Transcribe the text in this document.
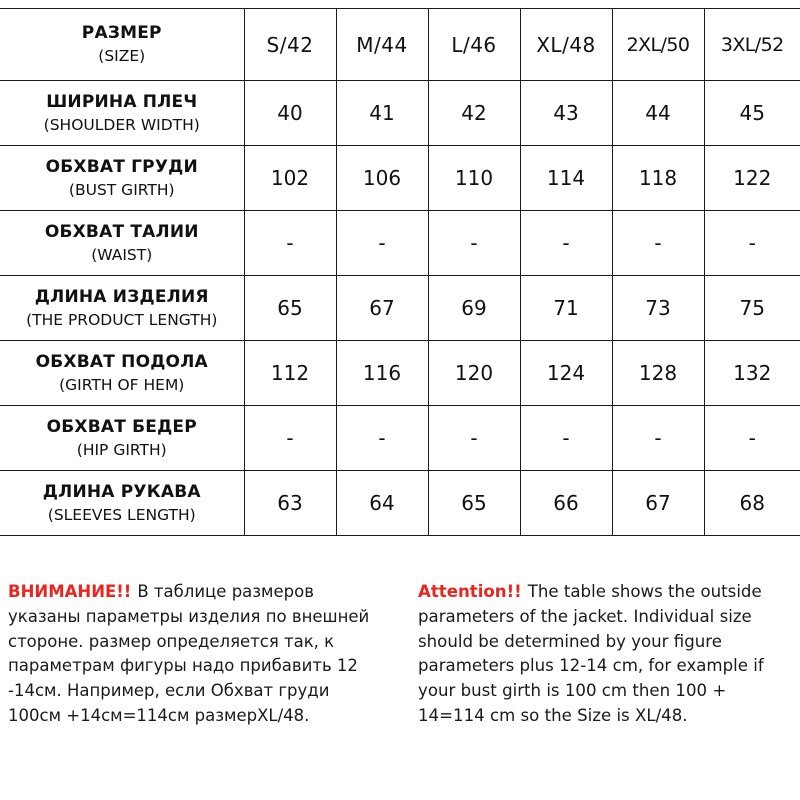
РАЗМЕР
(SIZE)	S/42	M/44	L/46	XL/48	2XL/50	3XL/52

ШИРИНА ПЛЕЧ
(SHOULDER WIDTH)	40	41	42	43	44	45

ОБХВАТ ГРУДИ
(BUST GIRTH)	102	106	110	114	118	122

ОБХВАТ ТАЛИИ
(WAIST)	-	-	-	-	-	-

ДЛИНА ИЗДЕЛИЯ
(THE PRODUCT LENGTH)	65	67	69	71	73	75

ОБХВАТ ПОДОЛА
(GIRTH OF HEM)	112	116	120	124	128	132

ОБХВАТ БЕДЕР
(HIP GIRTH)	-	-	-	-	-	-

ДЛИНА РУКАВА
(SLEEVES LENGTH)	63	64	65	66	67	68
ВНИМАНИЕ!! В таблице размеров указаны параметры изделия по внешней стороне. размер определяется так, к параметрам фигуры надо прибавить 12 -14см. Например, если Обхват груди 100см +14см=114см размерXL/48.
Attention!! The table shows the outside parameters of the jacket. Individual size should be determined by your figure parameters plus 12-14 cm, for example if your bust girth is 100 cm then 100 + 14=114 cm so the Size is XL/48.
